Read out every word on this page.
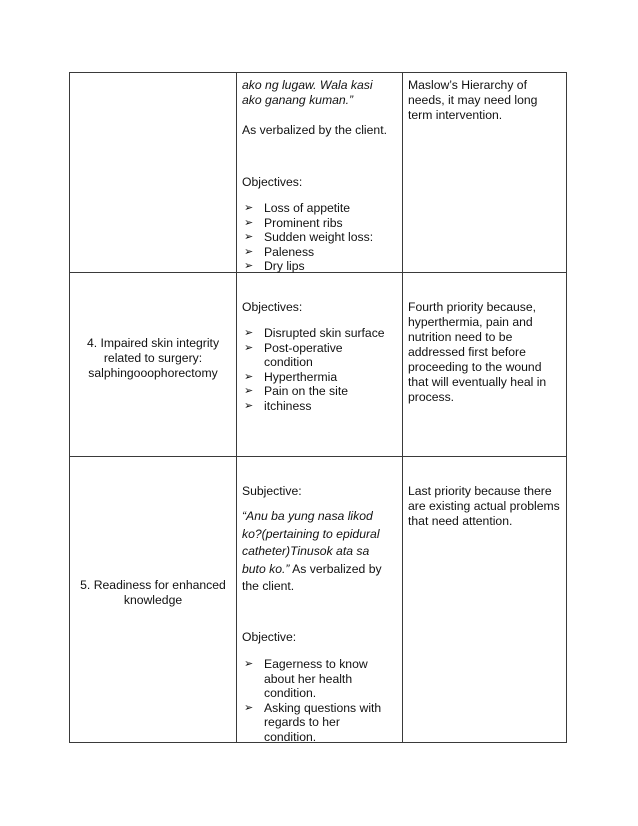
ako ng lugaw. Wala kasi ako ganang kuman.”
As verbalized by the client.
Objectives:
➢ Loss of appetite
➢ Prominent ribs
➢ Sudden weight loss:
➢ Paleness
➢ Dry lips
Maslow’s Hierarchy of needs, it may need long term intervention.
4. Impaired skin integrity related to surgery: salphingooophorectomy
Objectives:
➢ Disrupted skin surface
➢ Post-operative condition
➢ Hyperthermia
➢ Pain on the site
➢ itchiness
Fourth priority because, hyperthermia, pain and nutrition need to be addressed first before proceeding to the wound that will eventually heal in process.
5. Readiness for enhanced knowledge
Subjective:
“Anu ba yung nasa likod ko?(pertaining to epidural catheter)Tinusok ata sa buto ko.” As verbalized by the client.
Objective:
➢ Eagerness to know about her health condition.
➢ Asking questions with regards to her condition.
Last priority because there are existing actual problems that need attention.
